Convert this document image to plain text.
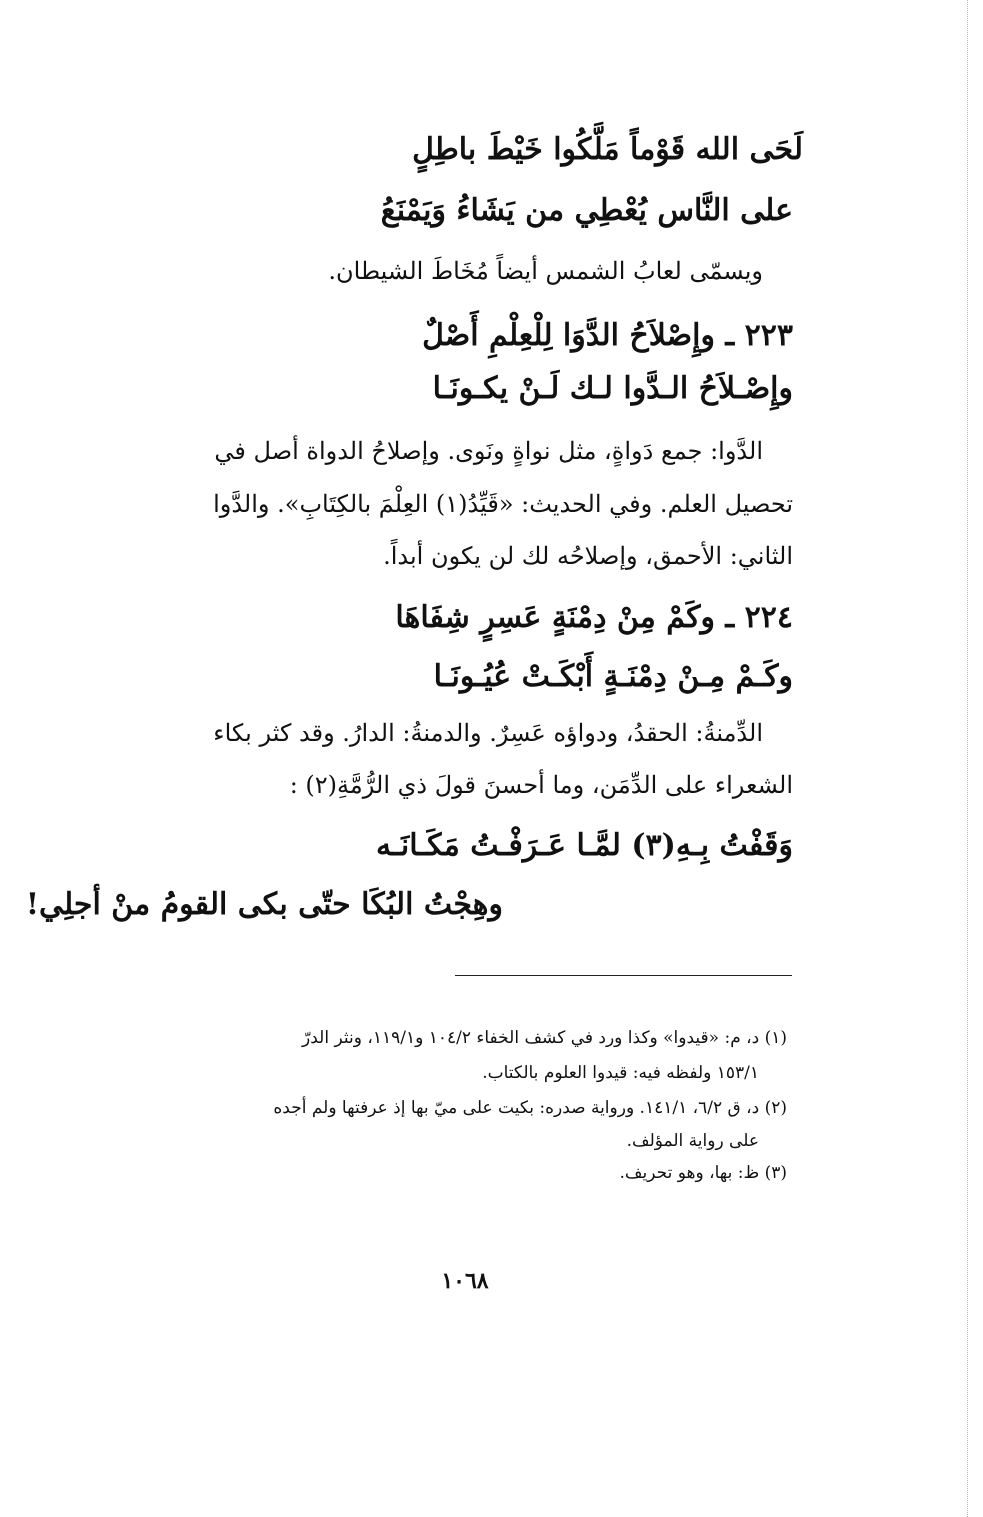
لَحَى الله قَوْماً مَلَّكُوا خَيْطَ باطِلٍ
على النَّاس يُعْطِي من يَشَاءُ وَيَمْنَعُ
ويسمّى لعابُ الشمس أيضاً مُخَاطَ الشيطان.
٢٢٣ ـ وإِصْلاَحُ الدَّوَا لِلْعِلْمِ أَصْلٌ
وإِصْـلاَحُ الـدَّوا لـك لَـنْ يكـونَـا
الدَّوا: جمع دَواةٍ، مثل نواةٍ ونَوى. وإصلاحُ الدواة أصل في
تحصيل العلم. وفي الحديث: «قَيِّدُ(١) العِلْمَ بالكِتَابِ». والدَّوا
الثاني: الأحمق، وإصلاحُه لك لن يكون أبداً.
٢٢٤ ـ وكَمْ مِنْ دِمْنَةٍ عَسِرٍ شِفَاهَا
وكَـمْ مِـنْ دِمْنَـةٍ أَبْكَـتْ عُيُـونَـا
الدِّمنةُ: الحقدُ، ودواؤه عَسِرٌ. والدمنةُ: الدارُ. وقد كثر بكاء
الشعراء على الدِّمَن، وما أحسنَ قولَ ذي الرُّمَّةِ(٢) :
وَقَفْتُ بِـهِ(٣) لمَّـا عَـرَفْـتُ مَكَـانَـه
وهِجْتُ البُكَا حتّى بكى القومُ منْ أجلِي!
(١) د، م: «قيدوا» وكذا ورد في كشف الخفاء ١٠٤/٢ و١١٩/١، ونثر الدرّ
١٥٣/١ ولفظه فيه: قيدوا العلوم بالكتاب.
(٢) د، ق ٦/٢، ١٤١/١. ورواية صدره: بكيت على ميّ بها إذ عرفتها ولم أجده
على رواية المؤلف.
(٣) ظ: بها، وهو تحريف.
١٠٦٨
